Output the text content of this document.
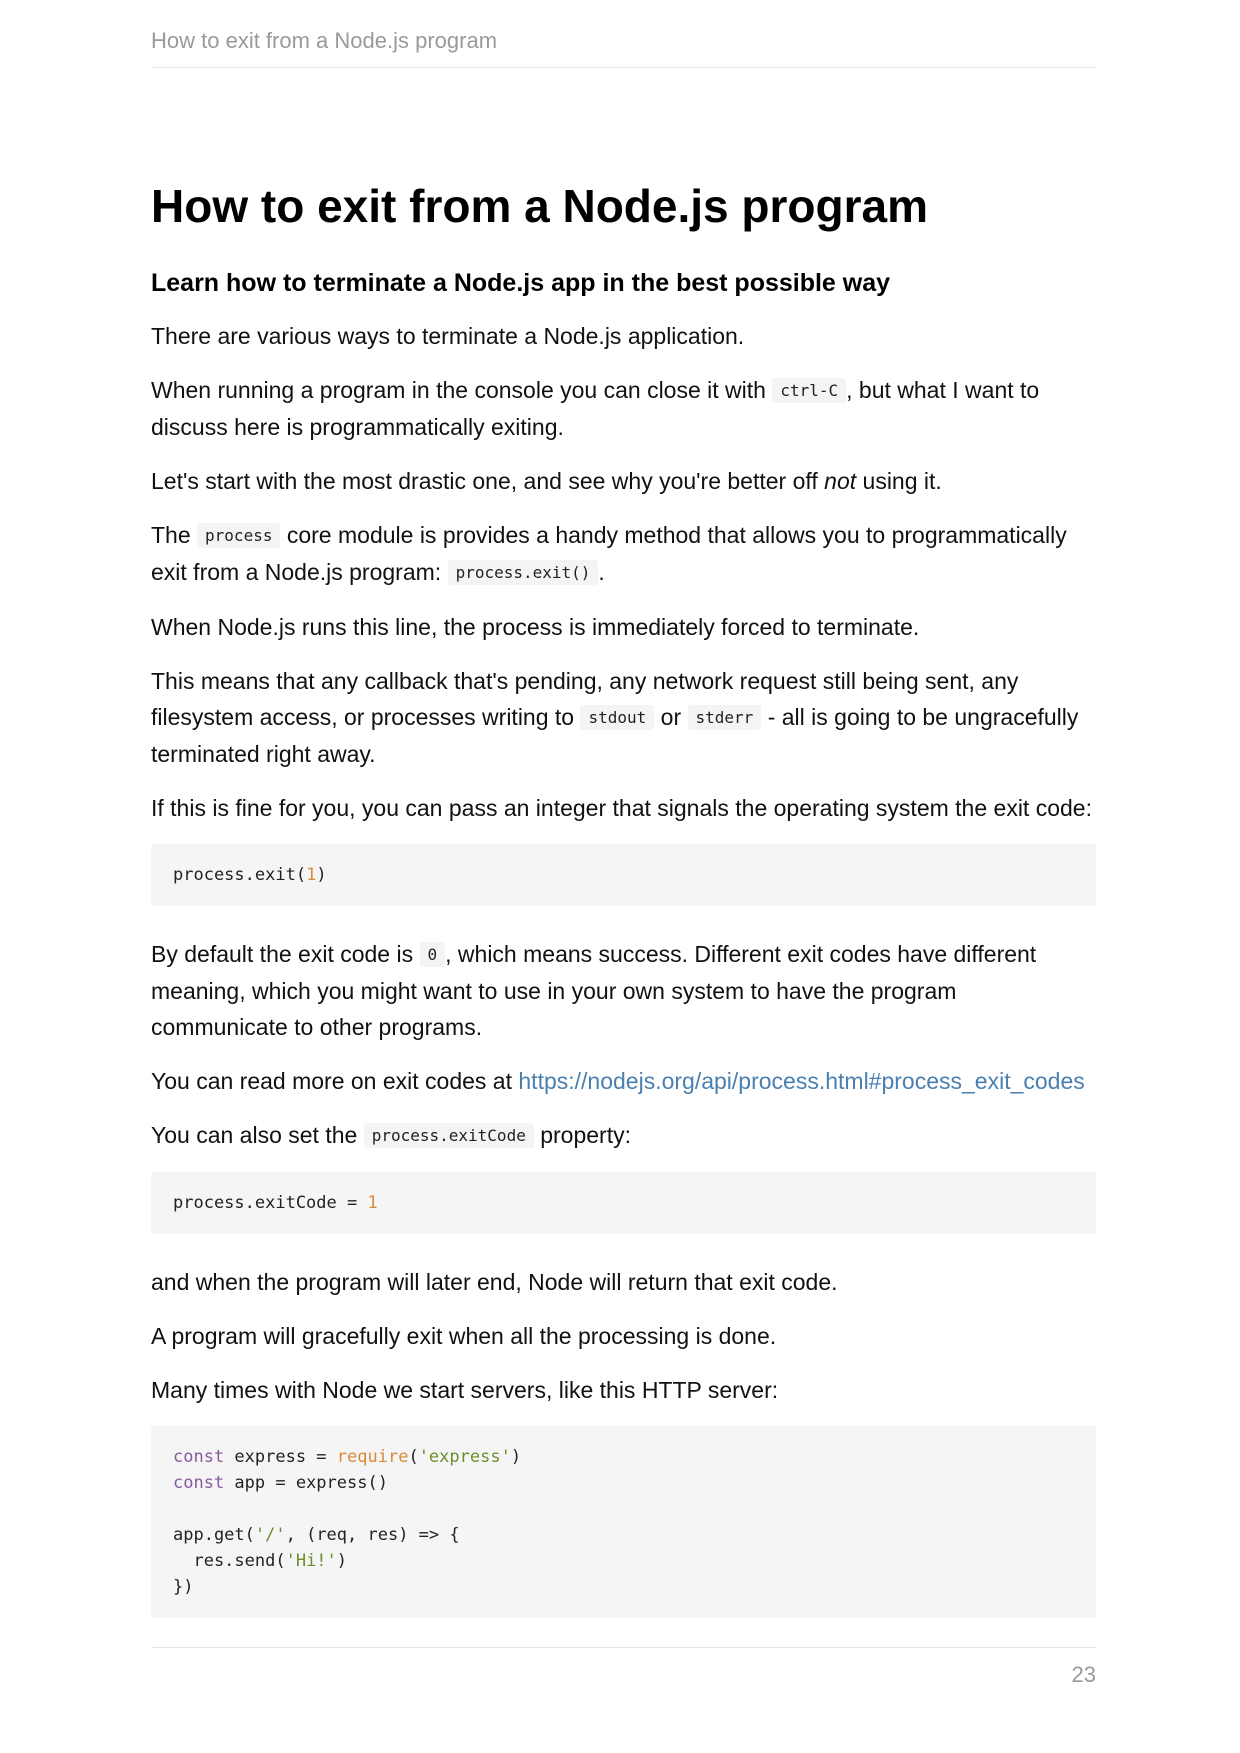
How to exit from a Node.js program
How to exit from a Node.js program
Learn how to terminate a Node.js app in the best possible way

There are various ways to terminate a Node.js application.

When running a program in the console you can close it with ctrl-C , but what I want to discuss here is programmatically exiting.

Let's start with the most drastic one, and see why you're better off not using it.

The process core module is provides a handy method that allows you to programmatically exit from a Node.js program: process.exit() .

When Node.js runs this line, the process is immediately forced to terminate.

This means that any callback that's pending, any network request still being sent, any filesystem access, or processes writing to stdout or stderr - all is going to be ungracefully terminated right away.

If this is fine for you, you can pass an integer that signals the operating system the exit code:

process.exit(1)

By default the exit code is 0 , which means success. Different exit codes have different meaning, which you might want to use in your own system to have the program communicate to other programs.

You can read more on exit codes at https://nodejs.org/api/process.html#process_exit_codes

You can also set the process.exitCode property:

process.exitCode = 1

and when the program will later end, Node will return that exit code.

A program will gracefully exit when all the processing is done.

Many times with Node we start servers, like this HTTP server:

const express = require('express')
const app = express()

app.get('/', (req, res) => {
res.send('Hi!')
})
23
